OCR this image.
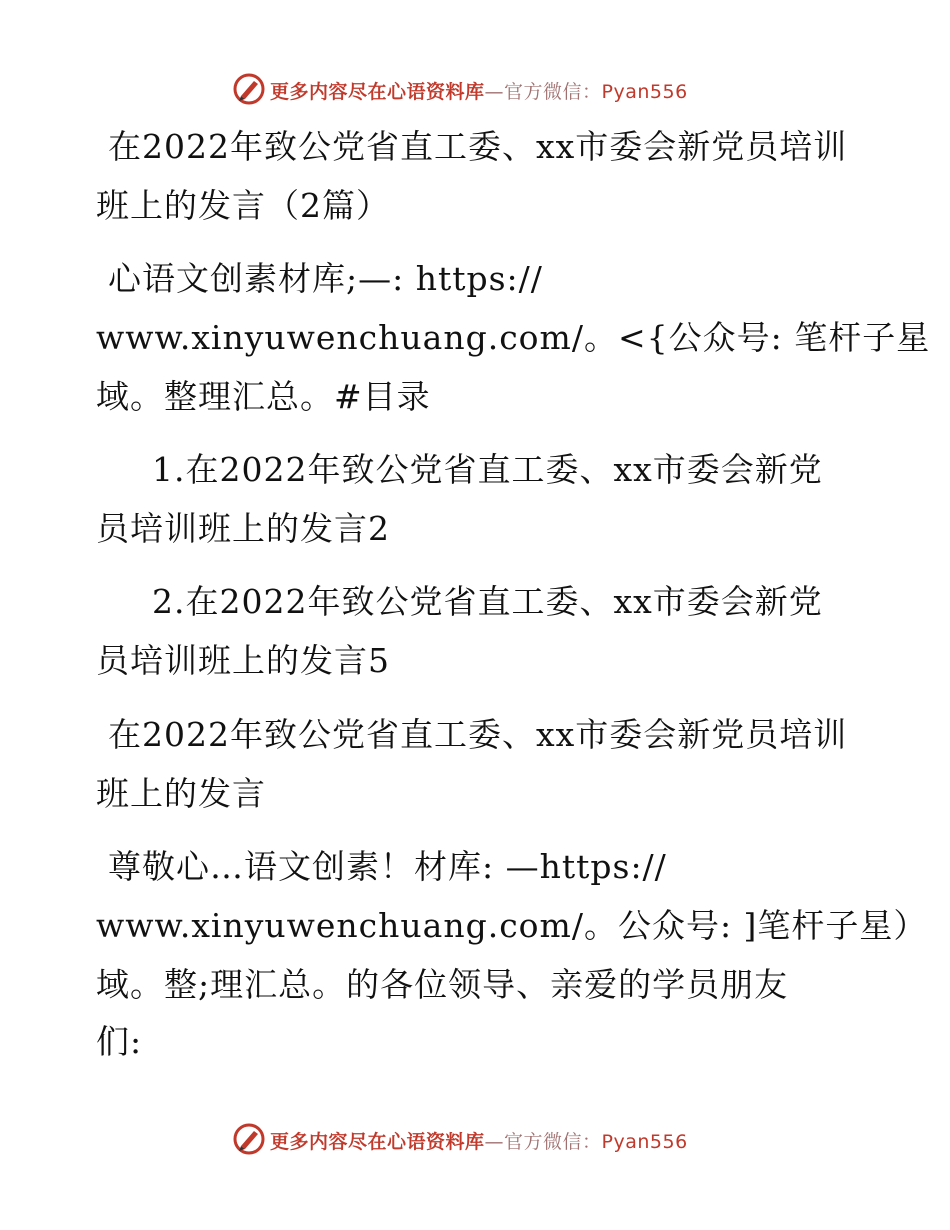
更多内容尽在心语资料库—官方微信：Pyan556
在2022年致公党省直工委、xx市委会新党员培训
班上的发言（2篇）
心语文创素材库;—: https://
www.xinyuwenchuang.com/。<{公众号: 笔杆子星
域。整理汇总。#目录
1.在2022年致公党省直工委、xx市委会新党
员培训班上的发言2
2.在2022年致公党省直工委、xx市委会新党
员培训班上的发言5
在2022年致公党省直工委、xx市委会新党员培训
班上的发言
尊敬心…语文创素！材库: —https://
www.xinyuwenchuang.com/。公众号: ]笔杆子星）
域。整;理汇总。的各位领导、亲爱的学员朋友
们:
更多内容尽在心语资料库—官方微信：Pyan556
